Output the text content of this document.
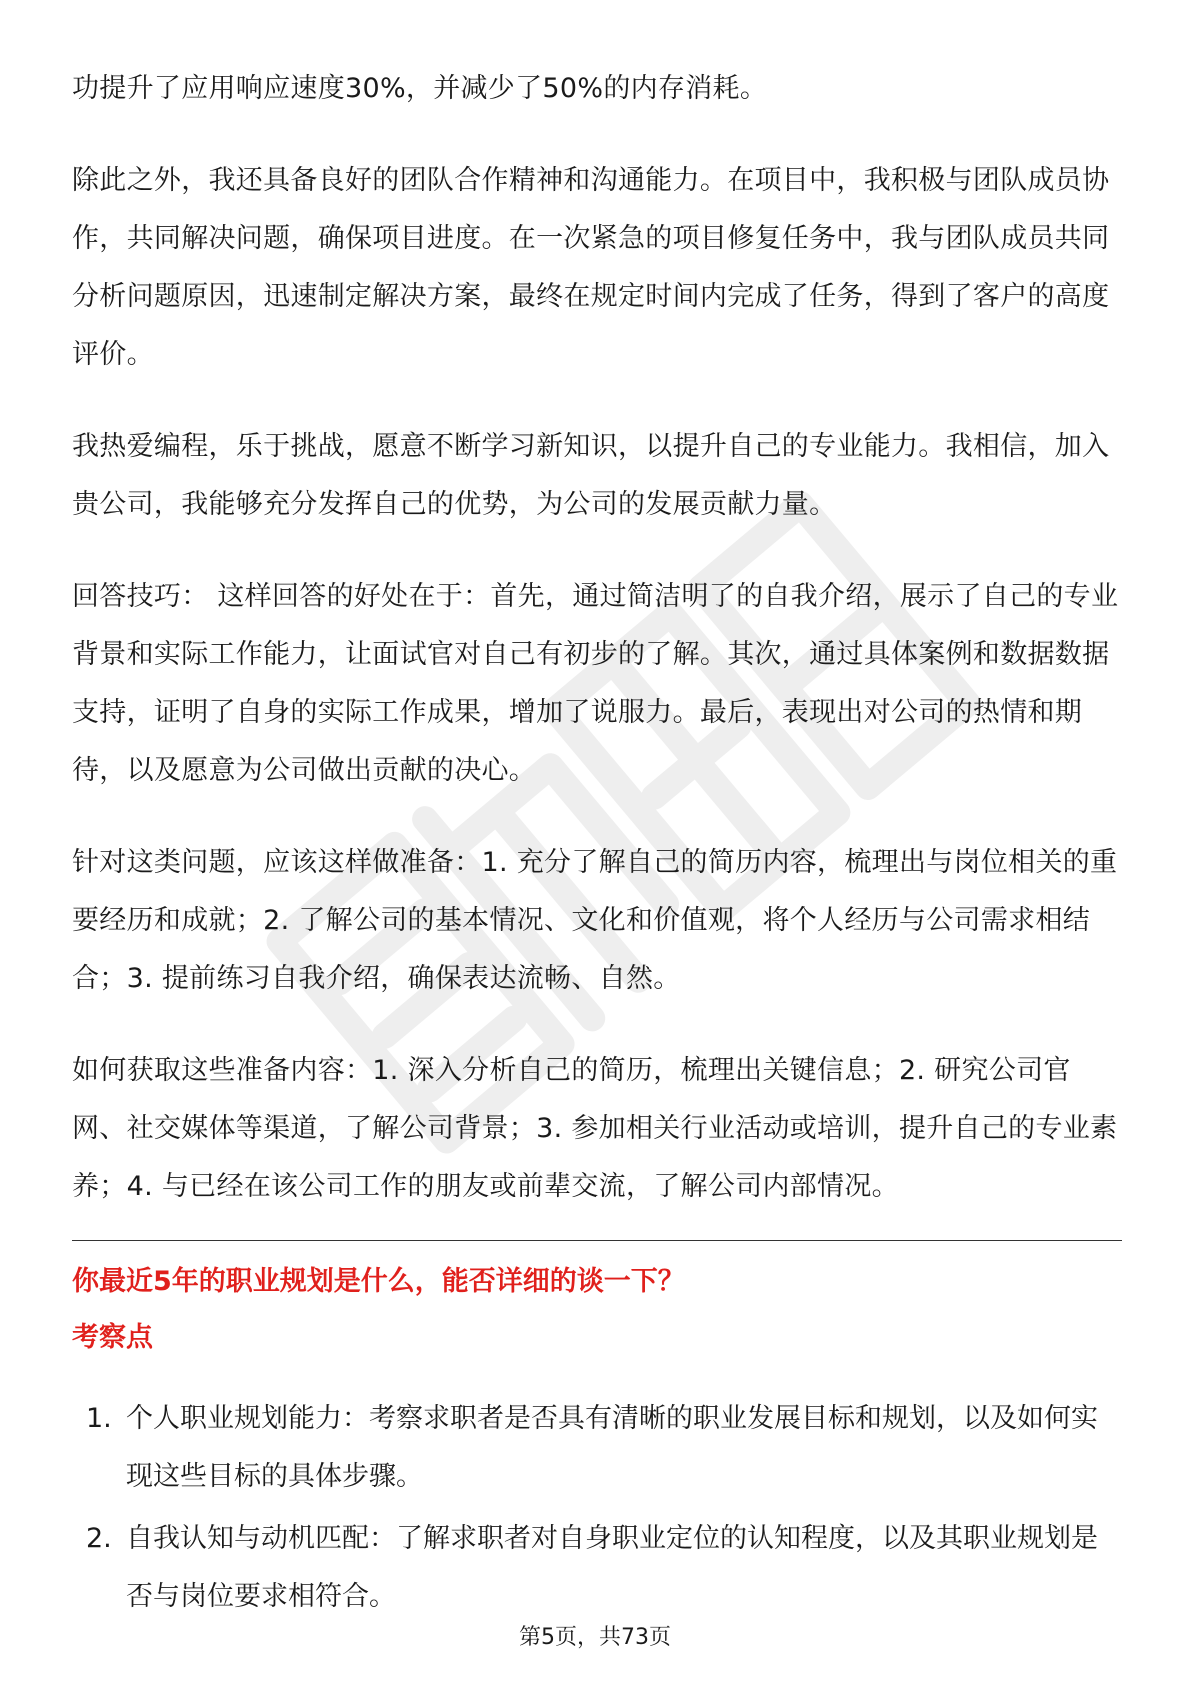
功提升了应用响应速度30%，并减少了50%的内存消耗。

除此之外，我还具备良好的团队合作精神和沟通能力。在项目中，我积极与团队成员协作，共同解决问题，确保项目进度。在一次紧急的项目修复任务中，我与团队成员共同分析问题原因，迅速制定解决方案，最终在规定时间内完成了任务，得到了客户的高度评价。

我热爱编程，乐于挑战，愿意不断学习新知识，以提升自己的专业能力。我相信，加入贵公司，我能够充分发挥自己的优势，为公司的发展贡献力量。

回答技巧： 这样回答的好处在于：首先，通过简洁明了的自我介绍，展示了自己的专业背景和实际工作能力，让面试官对自己有初步的了解。其次，通过具体案例和数据数据支持，证明了自身的实际工作成果，增加了说服力。最后，表现出对公司的热情和期待，以及愿意为公司做出贡献的决心。

针对这类问题，应该这样做准备：1. 充分了解自己的简历内容，梳理出与岗位相关的重要经历和成就；2. 了解公司的基本情况、文化和价值观，将个人经历与公司需求相结合；3. 提前练习自我介绍，确保表达流畅、自然。

如何获取这些准备内容：1. 深入分析自己的简历，梳理出关键信息；2. 研究公司官网、社交媒体等渠道，了解公司背景；3. 参加相关行业活动或培训，提升自己的专业素养；4. 与已经在该公司工作的朋友或前辈交流，了解公司内部情况。

你最近5年的职业规划是什么，能否详细的谈一下？
考察点
1. 个人职业规划能力：考察求职者是否具有清晰的职业发展目标和规划，以及如何实现这些目标的具体步骤。
2. 自我认知与动机匹配：了解求职者对自身职业定位的认知程度，以及其职业规划是否与岗位要求相符合。
第5页，共73页
